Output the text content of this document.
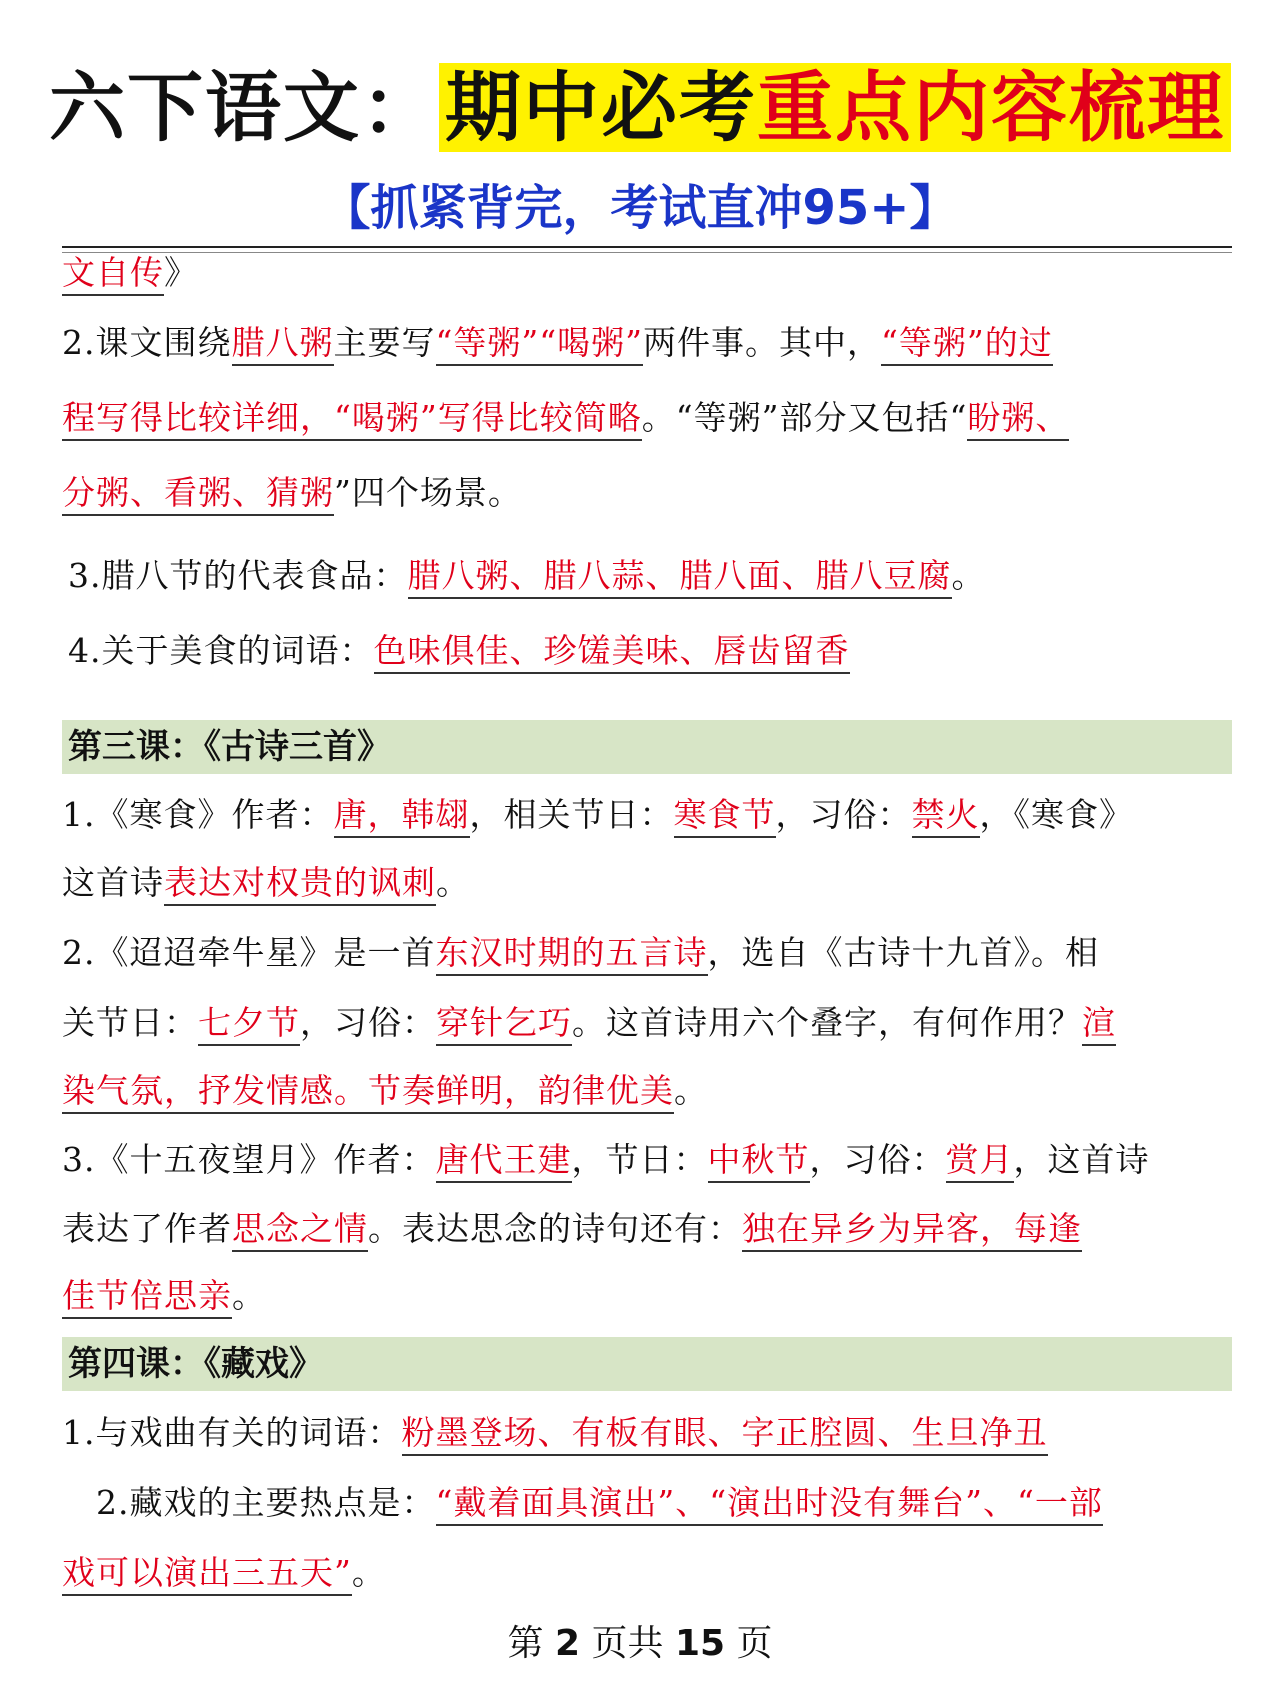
六下语文：期中必考重点内容梳理
【抓紧背完，考试直冲95+】
文自传》
2.课文围绕腊八粥主要写“等粥”“喝粥”两件事。其中，“等粥”的过
程写得比较详细，“喝粥”写得比较简略。“等粥”部分又包括“盼粥、
分粥、看粥、猜粥”四个场景。
3.腊八节的代表食品：腊八粥、腊八蒜、腊八面、腊八豆腐。
4.关于美食的词语：色味俱佳、珍馐美味、唇齿留香
第三课：《古诗三首》
1.《寒食》作者：唐，韩翃，相关节日：寒食节，习俗：禁火，《寒食》
这首诗表达对权贵的讽刺。
2.《迢迢牵牛星》是一首东汉时期的五言诗，选自《古诗十九首》。相
关节日：七夕节，习俗：穿针乞巧。这首诗用六个叠字，有何作用？渲
染气氛，抒发情感。节奏鲜明，韵律优美。
3.《十五夜望月》作者：唐代王建，节日：中秋节，习俗：赏月，这首诗
表达了作者思念之情。表达思念的诗句还有：独在异乡为异客，每逢
佳节倍思亲。
第四课：《藏戏》
1.与戏曲有关的词语：粉墨登场、有板有眼、字正腔圆、生旦净丑
2.藏戏的主要热点是：“戴着面具演出”、“演出时没有舞台”、“一部
戏可以演出三五天”。
第 2 页共 15 页
